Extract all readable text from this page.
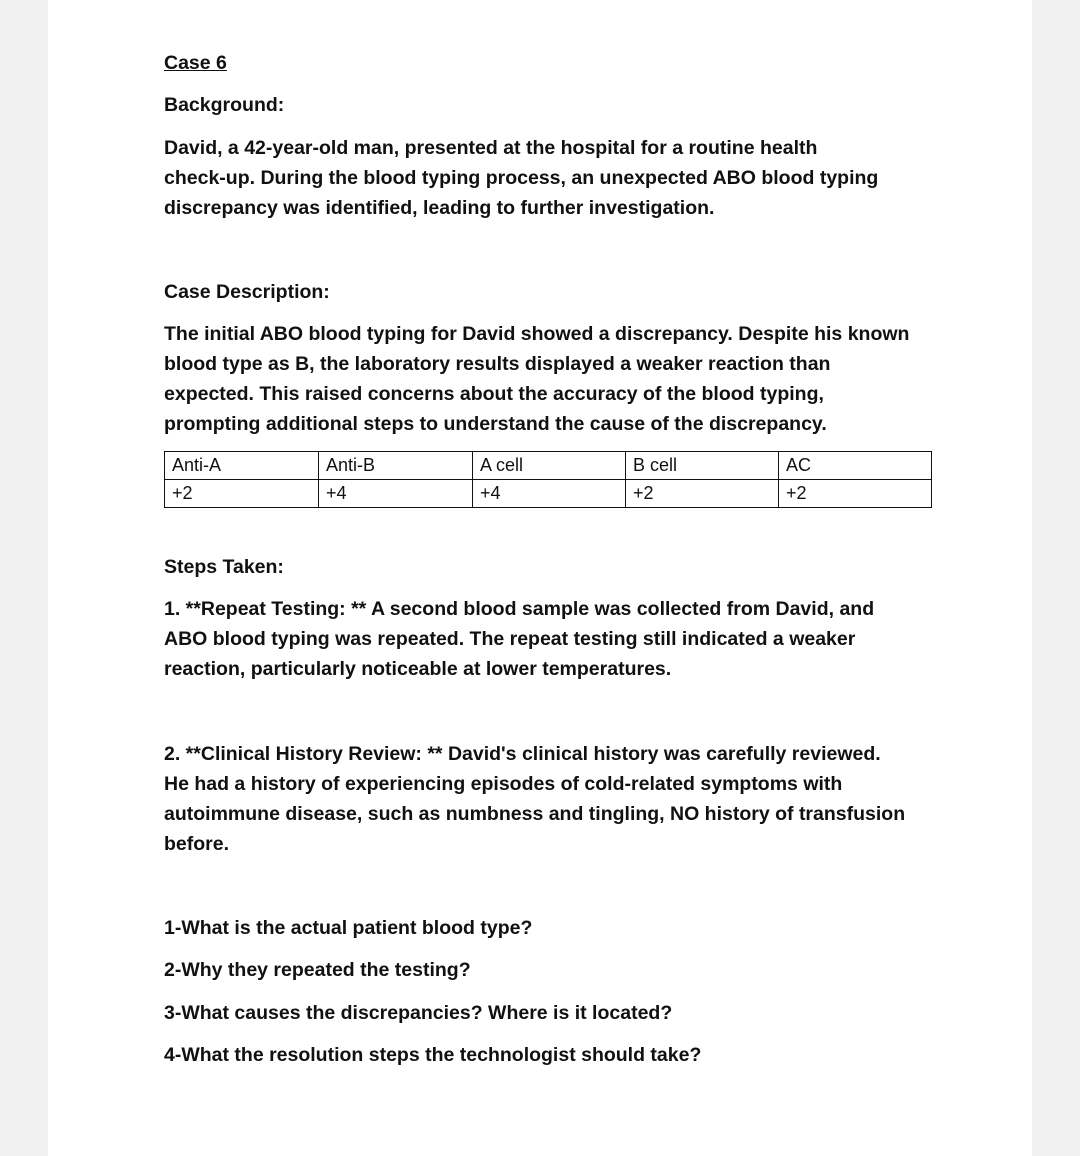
Case 6

Background:

David, a 42-year-old man, presented at the hospital for a routine health
check-up. During the blood typing process, an unexpected ABO blood typing
discrepancy was identified, leading to further investigation.

Case Description:

The initial ABO blood typing for David showed a discrepancy. Despite his known
blood type as B, the laboratory results displayed a weaker reaction than
expected. This raised concerns about the accuracy of the blood typing,
prompting additional steps to understand the cause of the discrepancy.
Anti-A	Anti-B	A cell	B cell	AC
+2	+4	+4	+2	+2

Steps Taken:

1. **Repeat Testing: ** A second blood sample was collected from David, and
ABO blood typing was repeated. The repeat testing still indicated a weaker
reaction, particularly noticeable at lower temperatures.
2. **Clinical History Review: ** David's clinical history was carefully reviewed.
He had a history of experiencing episodes of cold-related symptoms with
autoimmune disease, such as numbness and tingling, NO history of transfusion
before.

1-What is the actual patient blood type?

2-Why they repeated the testing?

3-What causes the discrepancies? Where is it located?

4-What the resolution steps the technologist should take?
